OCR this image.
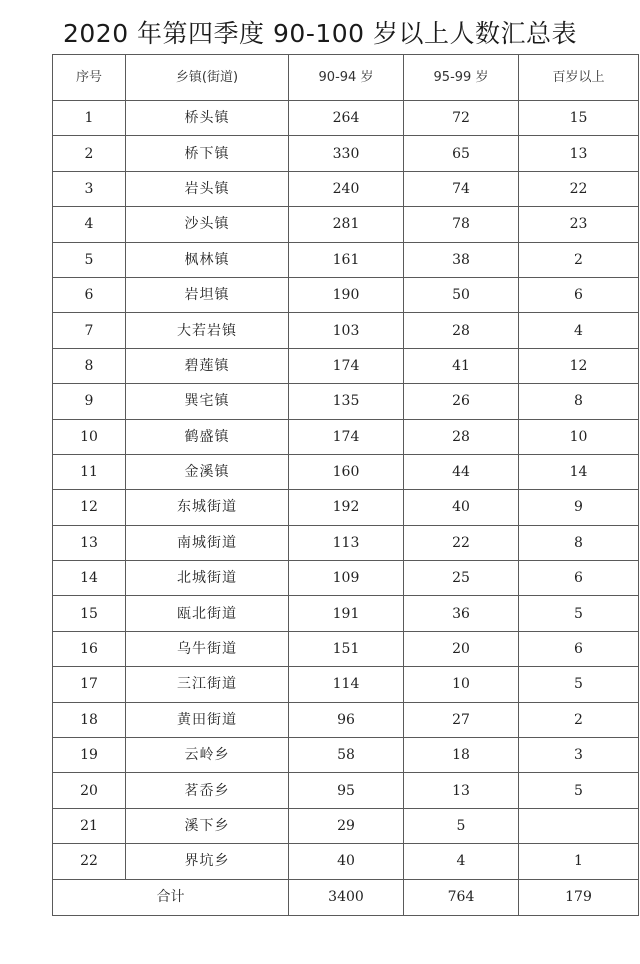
2020 年第四季度 90-100 岁以上人数汇总表
序号	乡镇(街道)	90-94 岁	95-99 岁	百岁以上
1	桥头镇	264	72	15
2	桥下镇	330	65	13
3	岩头镇	240	74	22
4	沙头镇	281	78	23
5	枫林镇	161	38	2
6	岩坦镇	190	50	6
7	大若岩镇	103	28	4
8	碧莲镇	174	41	12
9	巽宅镇	135	26	8
10	鹤盛镇	174	28	10
11	金溪镇	160	44	14
12	东城街道	192	40	9
13	南城街道	113	22	8
14	北城街道	109	25	6
15	瓯北街道	191	36	5
16	乌牛街道	151	20	6
17	三江街道	114	10	5
18	黄田街道	96	27	2
19	云岭乡	58	18	3
20	茗岙乡	95	13	5
21	溪下乡	29	5	
22	界坑乡	40	4	1
合计		3400	764	179
